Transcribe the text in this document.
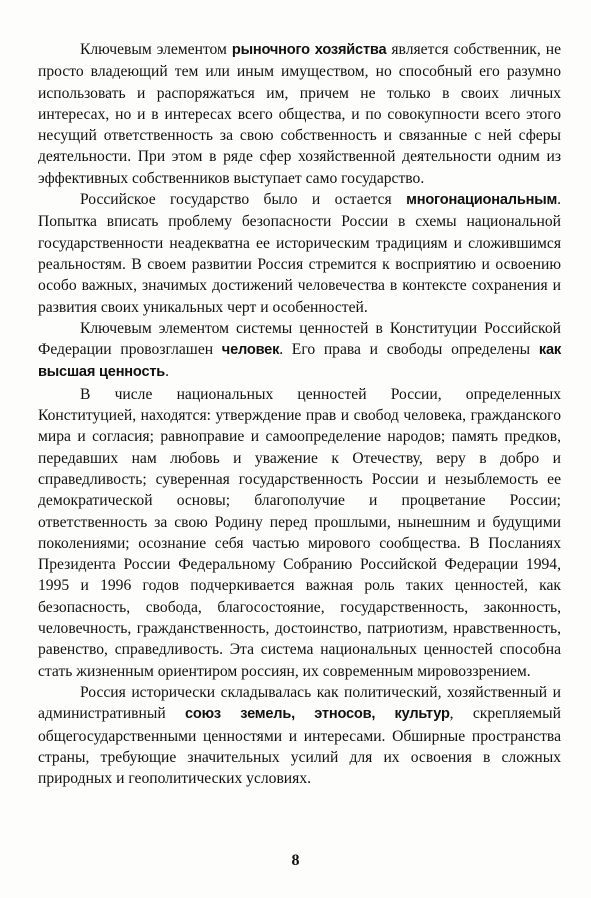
Ключевым элементом рыночного хозяйства является собственник, не просто владеющий тем или иным имуществом, но способный его разумно использовать и распоряжаться им, причем не только в своих личных интересах, но и в интересах всего общества, и по совокупности всего этого несущий ответственность за свою собственность и связанные с ней сферы деятельности. При этом в ряде сфер хозяйственной деятельности одним из эффективных собственников выступает само государство.

Российское государство было и остается многонациональным. Попытка вписать проблему безопасности России в схемы национальной государственности неадекватна ее историческим традициям и сложившимся реальностям. В своем развитии Россия стремится к восприятию и освоению особо важных, значимых достижений человечества в контексте сохранения и развития своих уникальных черт и особенностей.

Ключевым элементом системы ценностей в Конституции Российской Федерации провозглашен человек. Его права и свободы определены как высшая ценность.

В числе национальных ценностей России, определенных Конституцией, находятся: утверждение прав и свобод человека, гражданского мира и согласия; равноправие и самоопределение народов; память предков, передавших нам любовь и уважение к Отечеству, веру в добро и справедливость; суверенная государственность России и незыблемость ее демократической основы; благополучие и процветание России; ответственность за свою Родину перед прошлыми, нынешним и будущими поколениями; осознание себя частью мирового сообщества. В Посланиях Президента России Федеральному Собранию Российской Федерации 1994, 1995 и 1996 годов подчеркивается важная роль таких ценностей, как безопасность, свобода, благосостояние, государственность, законность, человечность, гражданственность, достоинство, патриотизм, нравственность, равенство, справедливость. Эта система национальных ценностей способна стать жизненным ориентиром россиян, их современным мировоззрением.

Россия исторически складывалась как политический, хозяйственный и административный союз земель, этносов, культур, скрепляемый общегосударственными ценностями и интересами. Обширные пространства страны, требующие значительных усилий для их освоения в сложных природных и геополитических условиях.

8
